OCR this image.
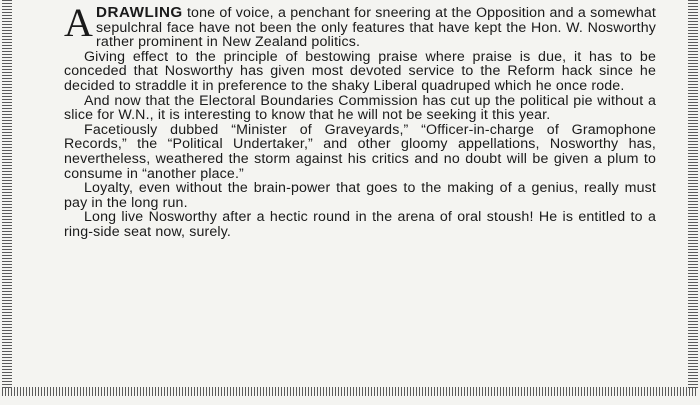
ADRAWLING tone of voice, a penchant for sneering at the Opposition and a somewhat sepulchral face have not been the only features that have kept the Hon. W. Nosworthy rather prominent in New Zealand politics.

Giving effect to the principle of bestowing praise where praise is due, it has to be conceded that Nosworthy has given most devoted service to the Reform hack since he decided to straddle it in preference to the shaky Liberal quadruped which he once rode.

And now that the Electoral Boundaries Commission has cut up the political pie without a slice for W.N., it is interesting to know that he will not be seeking it this year.

Facetiously dubbed “Minister of Graveyards,” “Officer-in-charge of Gramophone Records,” the “Political Undertaker,” and other gloomy appellations, Nosworthy has, nevertheless, weathered the storm against his critics and no doubt will be given a plum to consume in “another place.”

Loyalty, even without the brain-power that goes to the making of a genius, really must pay in the long run.

Long live Nosworthy after a hectic round in the arena of oral stoush! He is entitled to a ring-side seat now, surely.
